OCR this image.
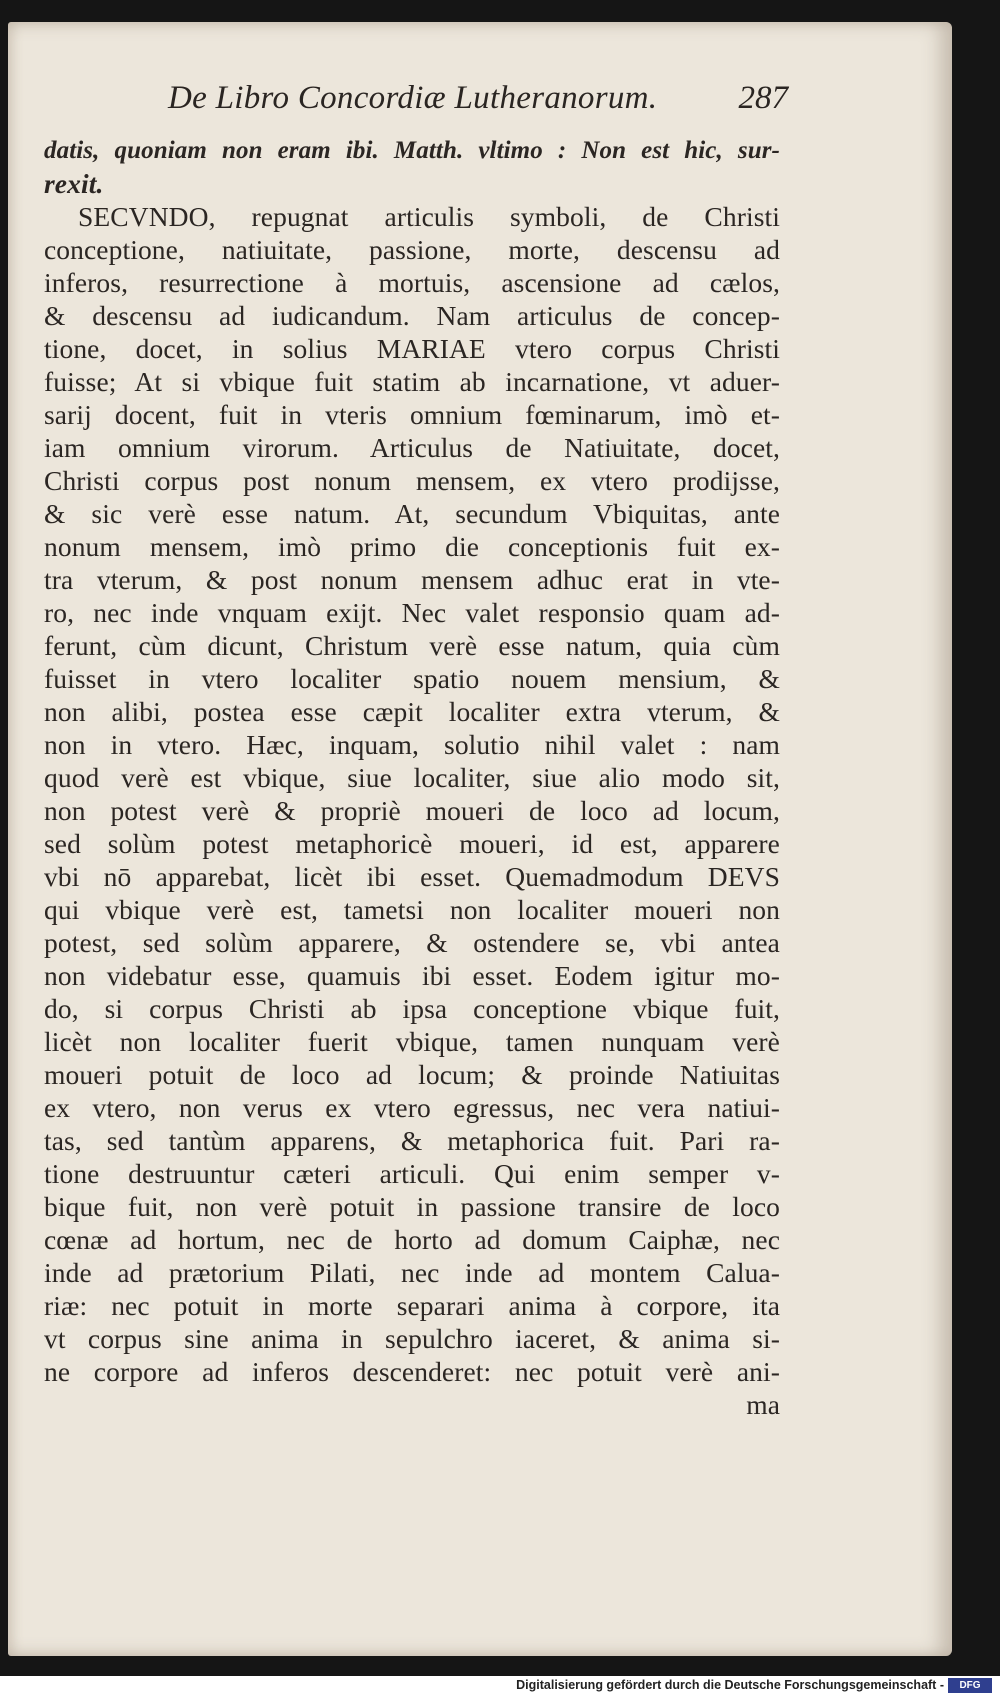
De Libro Concordiæ Lutheranorum. 287
datis, quoniam non eram ibi. Matth. vltimo : Non est hic, sur-
rexit.
SECVNDO, repugnat articulis symboli, de Christi
conceptione, natiuitate, passione, morte, descensu ad
inferos, resurrectione à mortuis, ascensione ad cælos,
& descensu ad iudicandum. Nam articulus de concep-
tione, docet, in solius MARIAE vtero corpus Christi
fuisse; At si vbique fuit statim ab incarnatione, vt aduer-
sarij docent, fuit in vteris omnium fœminarum, imò et-
iam omnium virorum. Articulus de Natiuitate, docet,
Christi corpus post nonum mensem, ex vtero prodijsse,
& sic verè esse natum. At, secundum Vbiquitas, ante
nonum mensem, imò primo die conceptionis fuit ex-
tra vterum, & post nonum mensem adhuc erat in vte-
ro, nec inde vnquam exijt. Nec valet responsio quam ad-
ferunt, cùm dicunt, Christum verè esse natum, quia cùm
fuisset in vtero localiter spatio nouem mensium, &
non alibi, postea esse cæpit localiter extra vterum, &
non in vtero. Hæc, inquam, solutio nihil valet : nam
quod verè est vbique, siue localiter, siue alio modo sit,
non potest verè & propriè moueri de loco ad locum,
sed solùm potest metaphoricè moueri, id est, apparere
vbi nō apparebat, licèt ibi esset. Quemadmodum DEVS
qui vbique verè est, tametsi non localiter moueri non
potest, sed solùm apparere, & ostendere se, vbi antea
non videbatur esse, quamuis ibi esset. Eodem igitur mo-
do, si corpus Christi ab ipsa conceptione vbique fuit,
licèt non localiter fuerit vbique, tamen nunquam verè
moueri potuit de loco ad locum; & proinde Natiuitas
ex vtero, non verus ex vtero egressus, nec vera natiui-
tas, sed tantùm apparens, & metaphorica fuit. Pari ra-
tione destruuntur cæteri articuli. Qui enim semper v-
bique fuit, non verè potuit in passione transire de loco
cœnæ ad hortum, nec de horto ad domum Caiphæ, nec
inde ad prætorium Pilati, nec inde ad montem Calua-
riæ: nec potuit in morte separari anima à corpore, ita
vt corpus sine anima in sepulchro iaceret, & anima si-
ne corpore ad inferos descenderet: nec potuit verè ani-
ma
Digitalisierung gefördert durch die Deutsche Forschungsgemeinschaft -	DFG
